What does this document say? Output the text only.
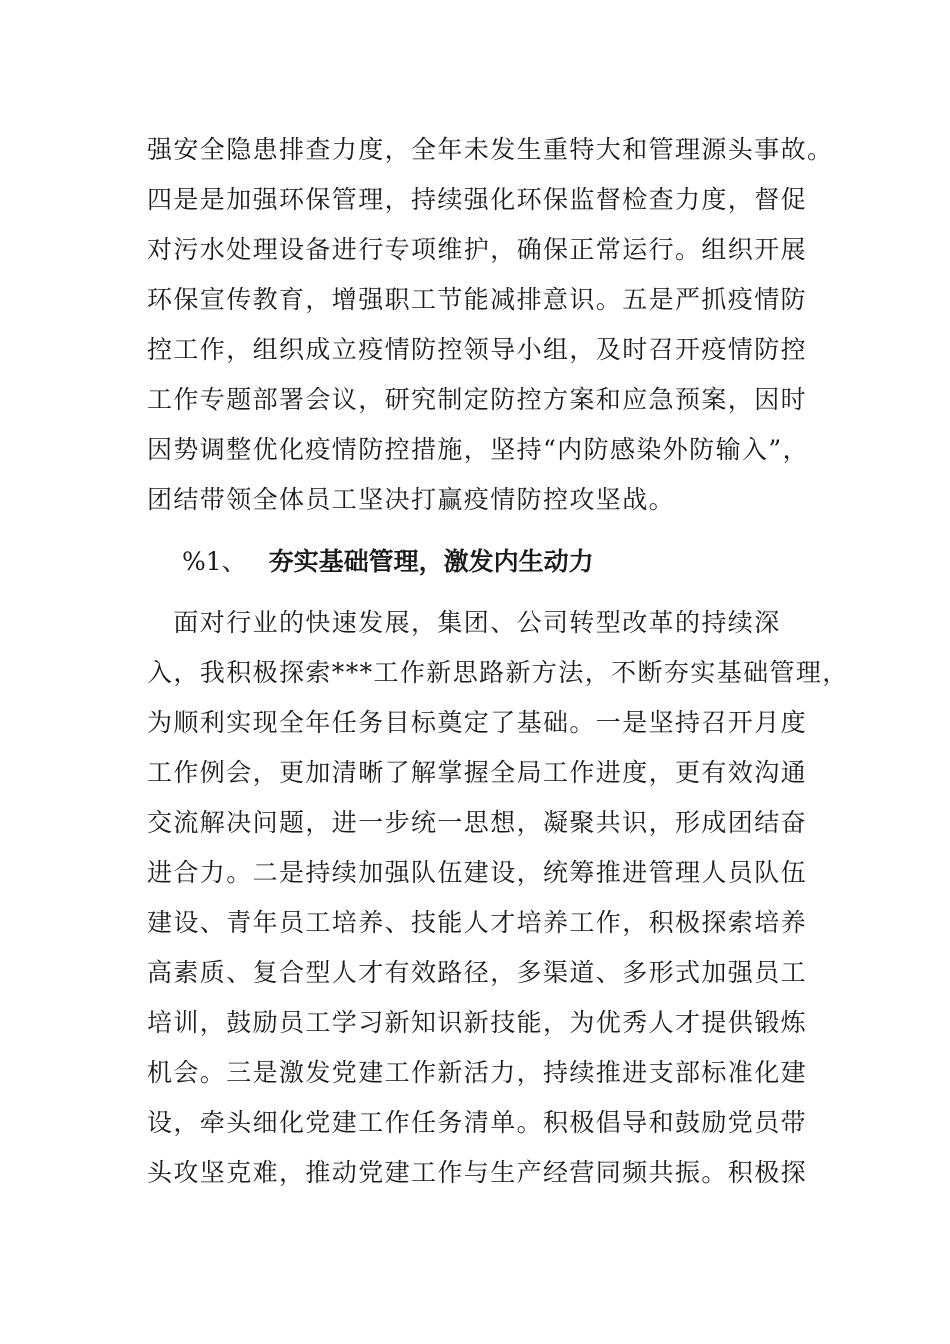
强安全隐患排查力度，全年未发生重特大和管理源头事故。
四是是加强环保管理，持续强化环保监督检查力度，督促
对污水处理设备进行专项维护，确保正常运行。组织开展
环保宣传教育，增强职工节能减排意识。五是严抓疫情防
控工作，组织成立疫情防控领导小组，及时召开疫情防控
工作专题部署会议，研究制定防控方案和应急预案，因时
因势调整优化疫情防控措施，坚持“内防感染外防输入”，
团结带领全体员工坚决打赢疫情防控攻坚战。
%1、 夯实基础管理，激发内生动力
　面对行业的快速发展，集团、公司转型改革的持续深
入，我积极探索***工作新思路新方法，不断夯实基础管理，
为顺利实现全年任务目标奠定了基础。一是坚持召开月度
工作例会，更加清晰了解掌握全局工作进度，更有效沟通
交流解决问题，进一步统一思想，凝聚共识，形成团结奋
进合力。二是持续加强队伍建设，统筹推进管理人员队伍
建设、青年员工培养、技能人才培养工作，积极探索培养
高素质、复合型人才有效路径，多渠道、多形式加强员工
培训，鼓励员工学习新知识新技能，为优秀人才提供锻炼
机会。三是激发党建工作新活力，持续推进支部标准化建
设，牵头细化党建工作任务清单。积极倡导和鼓励党员带
头攻坚克难，推动党建工作与生产经营同频共振。积极探
